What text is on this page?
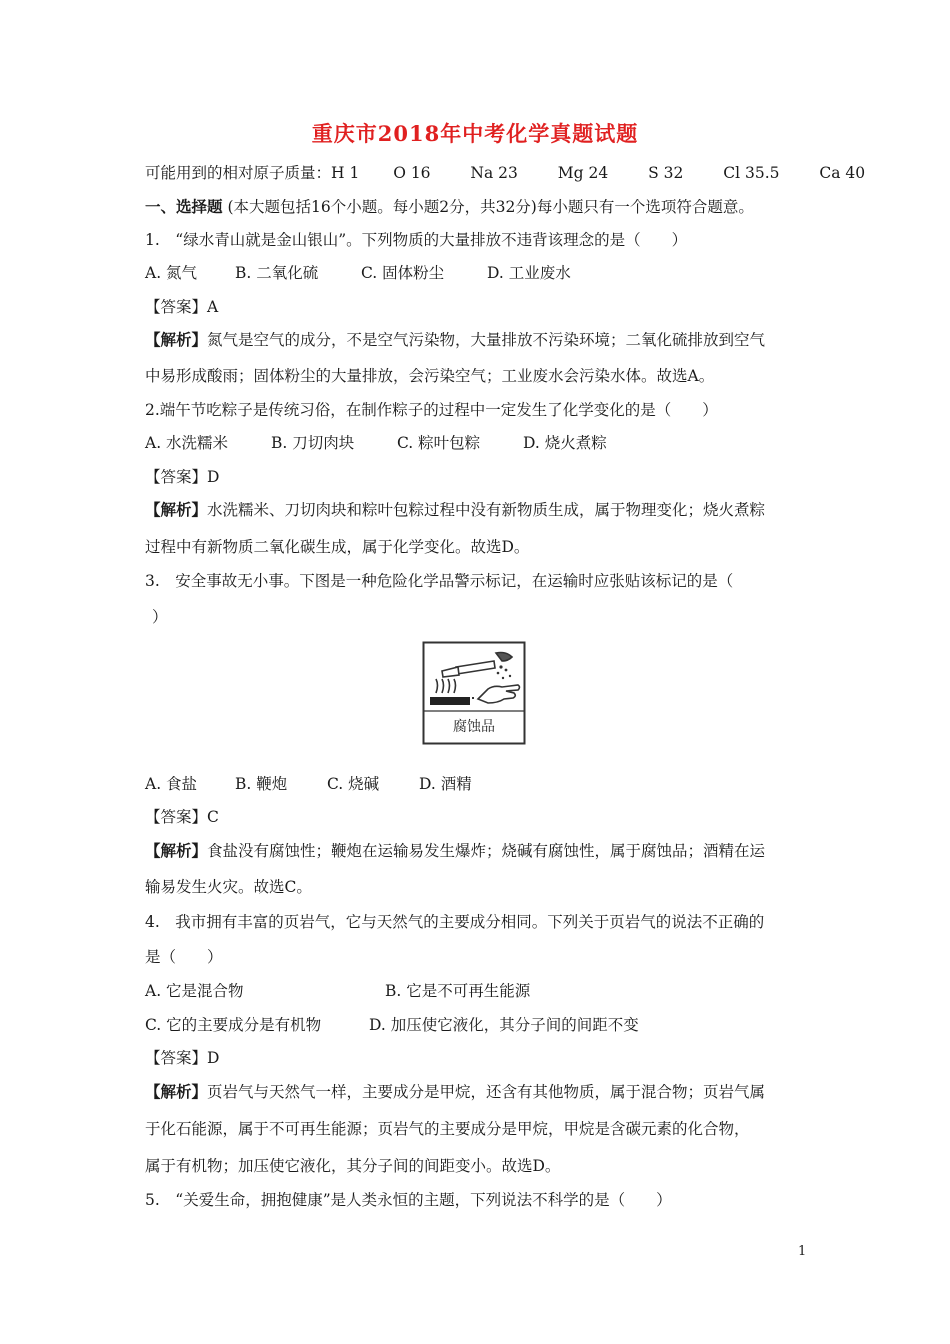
重庆市2018年中考化学真题试题
可能用到的相对原子质量：H 1 O 16	Na 23	Mg 24	S 32	Cl 35.5	Ca 40
一、选择题 (本大题包括16个小题。每小题2分，共32分)每小题只有一个选项符合题意。
1.　“绿水青山就是金山银山”。下列物质的大量排放不违背该理念的是（　　）
A. 氮气 B. 二氧化硫	C. 固体粉尘	D. 工业废水
【答案】A
【解析】氮气是空气的成分，不是空气污染物，大量排放不污染环境；二氧化硫排放到空气
中易形成酸雨；固体粉尘的大量排放，会污染空气；工业废水会污染水体。故选A。
2.端午节吃粽子是传统习俗，在制作粽子的过程中一定发生了化学变化的是（　　）
A. 水洗糯米	B. 刀切肉块	C. 粽叶包粽	D. 烧火煮粽
【答案】D
【解析】水洗糯米、刀切肉块和粽叶包粽过程中没有新物质生成，属于物理变化；烧火煮粽
过程中有新物质二氧化碳生成，属于化学变化。故选D。
3.　安全事故无小事。下图是一种危险化学品警示标记，在运输时应张贴该标记的是（
）
腐蚀品
A. 食盐 B. 鞭炮	C. 烧碱	D. 酒精
【答案】C
【解析】食盐没有腐蚀性；鞭炮在运输易发生爆炸；烧碱有腐蚀性，属于腐蚀品；酒精在运
输易发生火灾。故选C。
4.　我市拥有丰富的页岩气，它与天然气的主要成分相同。下列关于页岩气的说法不正确的
是（　　）
A. 它是混合物	B. 它是不可再生能源
C. 它的主要成分是有机物	D. 加压使它液化，其分子间的间距不变
【答案】D
【解析】页岩气与天然气一样，主要成分是甲烷，还含有其他物质，属于混合物；页岩气属
于化石能源，属于不可再生能源；页岩气的主要成分是甲烷，甲烷是含碳元素的化合物，
属于有机物；加压使它液化，其分子间的间距变小。故选D。
5.　“关爱生命，拥抱健康”是人类永恒的主题，下列说法不科学的是（　　）
1
